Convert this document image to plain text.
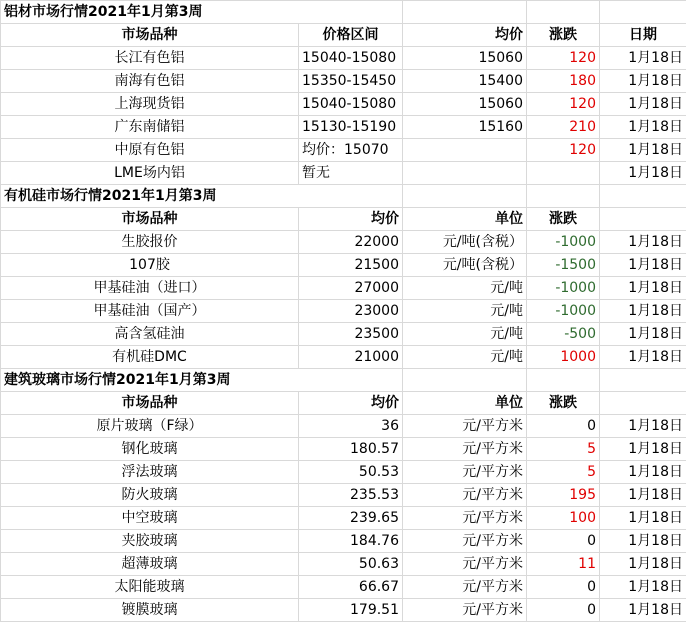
铝材市场行情2021年1月第3周				
市场品种	价格区间	均价	涨跌	日期
长江有色铝	15040-15080	15060	120	1月18日
南海有色铝	15350-15450	15400	180	1月18日
上海现货铝	15040-15080	15060	120	1月18日
广东南储铝	15130-15190	15160	210	1月18日
中原有色铝	均价：15070		120	1月18日
LME场内铝	暂无			1月18日
有机硅市场行情2021年1月第3周				
市场品种	均价	单位	涨跌	
生胶报价	22000	元/吨(含税）	-1000	1月18日
107胶	21500	元/吨(含税）	-1500	1月18日
甲基硅油（进口）	27000	元/吨	-1000	1月18日
甲基硅油（国产）	23000	元/吨	-1000	1月18日
高含氢硅油	23500	元/吨	-500	1月18日
有机硅DMC	21000	元/吨	1000	1月18日
建筑玻璃市场行情2021年1月第3周				
市场品种	均价	单位	涨跌	
原片玻璃（F绿）	36	元/平方米	0	1月18日
钢化玻璃	180.57	元/平方米	5	1月18日
浮法玻璃	50.53	元/平方米	5	1月18日
防火玻璃	235.53	元/平方米	195	1月18日
中空玻璃	239.65	元/平方米	100	1月18日
夹胶玻璃	184.76	元/平方米	0	1月18日
超薄玻璃	50.63	元/平方米	11	1月18日
太阳能玻璃	66.67	元/平方米	0	1月18日
镀膜玻璃	179.51	元/平方米	0	1月18日
